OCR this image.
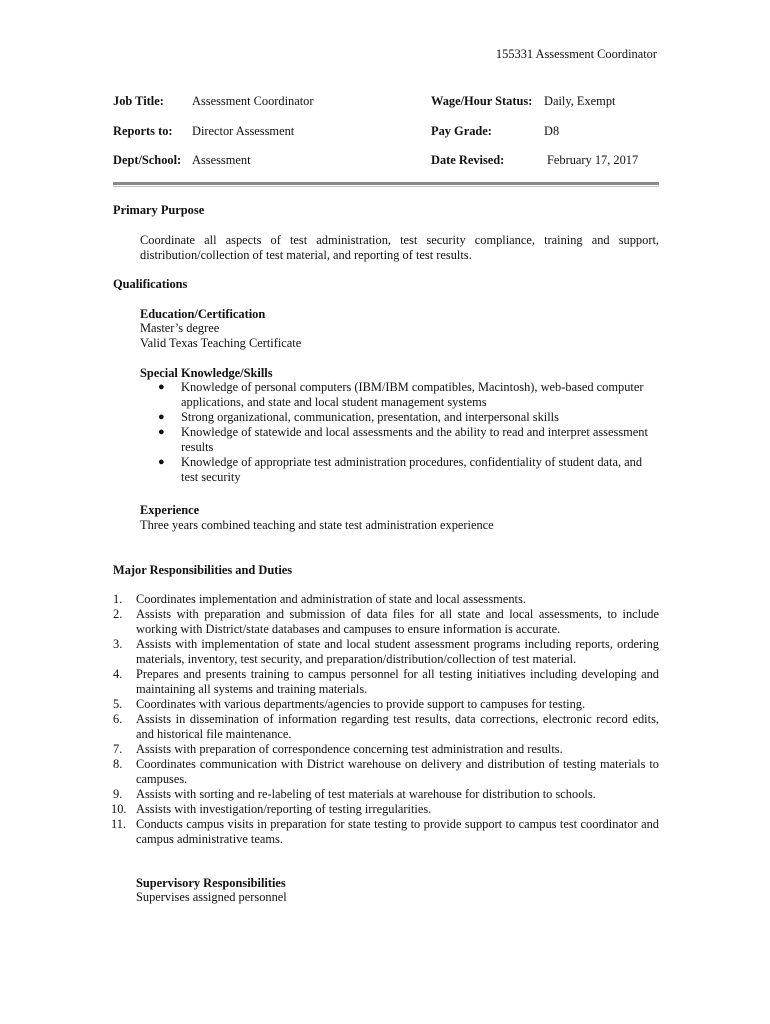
155331 Assessment Coordinator
Job Title: Assessment Coordinator	Wage/Hour Status: Daily, Exempt
Reports to: Director Assessment	Pay Grade:	D8
Dept/School: Assessment	Date Revised:	February 17, 2017
Primary Purpose
Coordinate all aspects of test administration, test security compliance, training and support, distribution/collection of test material, and reporting of test results.
Qualifications
Education/Certification
Master’s degree
Valid Texas Teaching Certificate
Special Knowledge/Skills
● Knowledge of personal computers (IBM/IBM compatibles, Macintosh), web-based computer applications, and state and local student management systems
● Strong organizational, communication, presentation, and interpersonal skills
● Knowledge of statewide and local assessments and the ability to read and interpret assessment results
● Knowledge of appropriate test administration procedures, confidentiality of student data, and test security
Experience
Three years combined teaching and state test administration experience
Major Responsibilities and Duties
1.	Coordinates implementation and administration of state and local assessments.
2.	Assists with preparation and submission of data files for all state and local assessments, to include working with District/state databases and campuses to ensure information is accurate.
3.	Assists with implementation of state and local student assessment programs including reports, ordering materials, inventory, test security, and preparation/distribution/collection of test material.
4.	Prepares and presents training to campus personnel for all testing initiatives including developing and maintaining all systems and training materials.
5.	Coordinates with various departments/agencies to provide support to campuses for testing.
6.	Assists in dissemination of information regarding test results, data corrections, electronic record edits, and historical file maintenance.
7.	Assists with preparation of correspondence concerning test administration and results.
8.	Coordinates communication with District warehouse on delivery and distribution of testing materials to campuses.
9.	Assists with sorting and re-labeling of test materials at warehouse for distribution to schools.
10. Assists with investigation/reporting of testing irregularities.
11. Conducts campus visits in preparation for state testing to provide support to campus test coordinator and campus administrative teams.
Supervisory Responsibilities
Supervises assigned personnel
